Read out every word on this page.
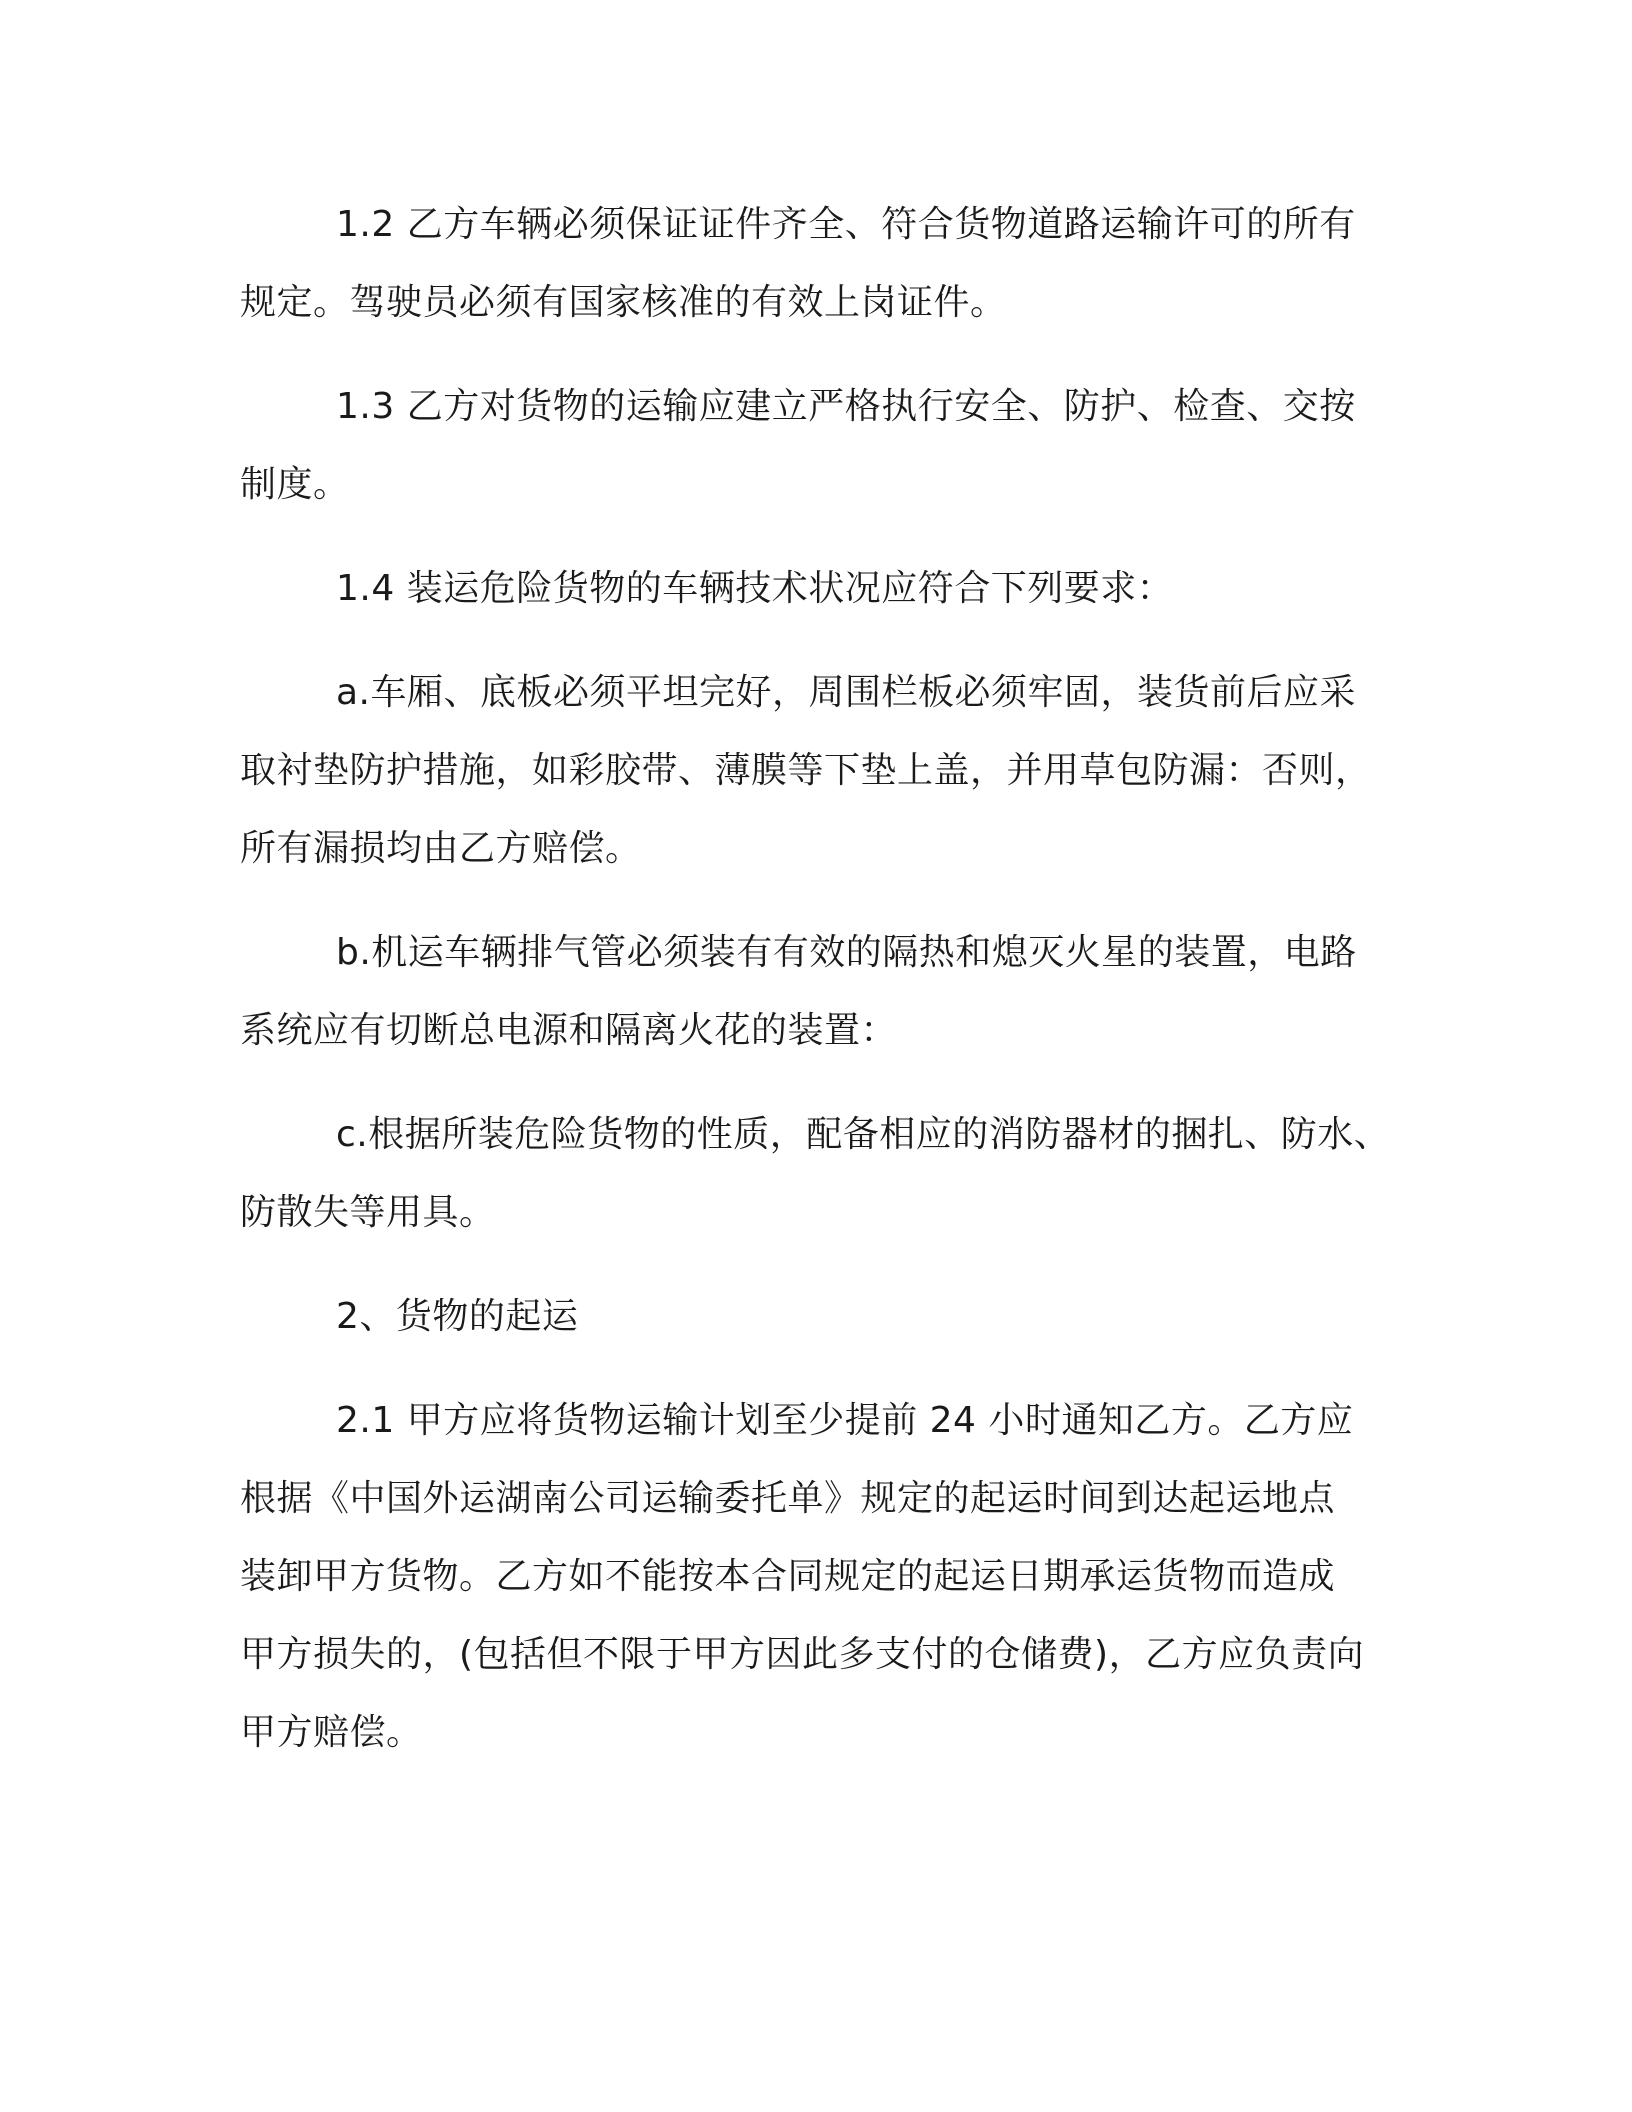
1.2 乙方车辆必须保证证件齐全、符合货物道路运输许可的所有
规定。驾驶员必须有国家核准的有效上岗证件。

1.3 乙方对货物的运输应建立严格执行安全、防护、检查、交按
制度。

1.4 装运危险货物的车辆技术状况应符合下列要求：

a.车厢、底板必须平坦完好，周围栏板必须牢固，装货前后应采
取衬垫防护措施，如彩胶带、薄膜等下垫上盖，并用草包防漏：否则，
所有漏损均由乙方赔偿。

b.机运车辆排气管必须装有有效的隔热和熄灭火星的装置，电路
系统应有切断总电源和隔离火花的装置：

c.根据所装危险货物的性质，配备相应的消防器材的捆扎、防水、
防散失等用具。

2、货物的起运

2.1 甲方应将货物运输计划至少提前 24 小时通知乙方。乙方应
根据《中国外运湖南公司运输委托单》规定的起运时间到达起运地点
装卸甲方货物。乙方如不能按本合同规定的起运日期承运货物而造成
甲方损失的，(包括但不限于甲方因此多支付的仓储费)，乙方应负责向
甲方赔偿。
